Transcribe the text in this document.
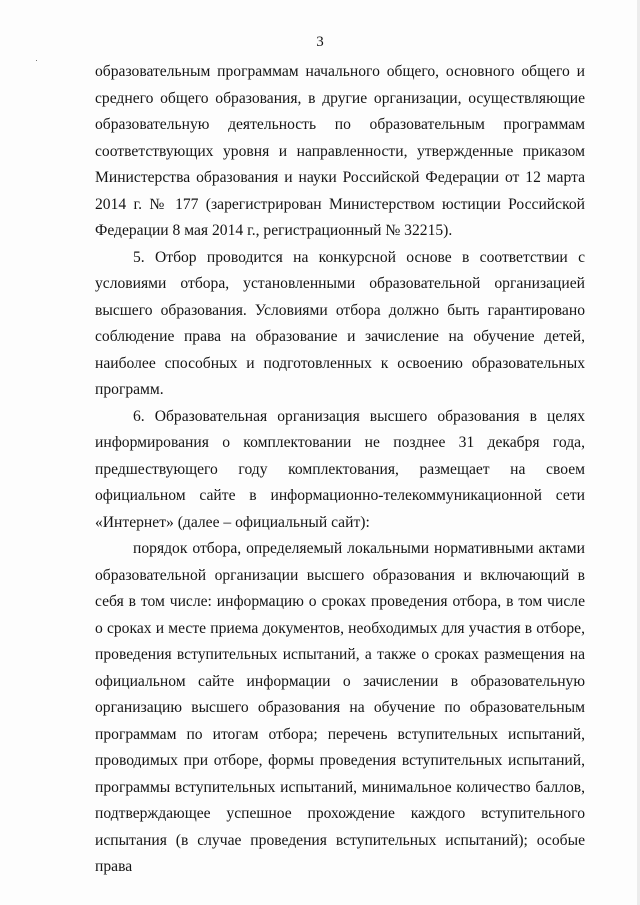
3

образовательным программам начального общего, основного общего и среднего общего образования, в другие организации, осуществляющие образовательную деятельность по образовательным программам соответствующих уровня и направленности, утвержденные приказом Министерства образования и науки Российской Федерации от 12 марта 2014 г. № 177 (зарегистрирован Министерством юстиции Российской Федерации 8 мая 2014 г., регистрационный № 32215).

5. Отбор проводится на конкурсной основе в соответствии с условиями отбора, установленными образовательной организацией высшего образования. Условиями отбора должно быть гарантировано соблюдение права на образование и зачисление на обучение детей, наиболее способных и подготовленных к освоению образовательных программ.

6. Образовательная организация высшего образования в целях информирования о комплектовании не позднее 31 декабря года, предшествующего году комплектования, размещает на своем официальном сайте в информационно-телекоммуникационной сети «Интернет» (далее – официальный сайт):

порядок отбора, определяемый локальными нормативными актами образовательной организации высшего образования и включающий в себя в том числе: информацию о сроках проведения отбора, в том числе о сроках и месте приема документов, необходимых для участия в отборе, проведения вступительных испытаний, а также о сроках размещения на официальном сайте информации о зачислении в образовательную организацию высшего образования на обучение по образовательным программам по итогам отбора; перечень вступительных испытаний, проводимых при отборе, формы проведения вступительных испытаний, программы вступительных испытаний, минимальное количество баллов, подтверждающее успешное прохождение каждого вступительного испытания (в случае проведения вступительных испытаний); особые права
